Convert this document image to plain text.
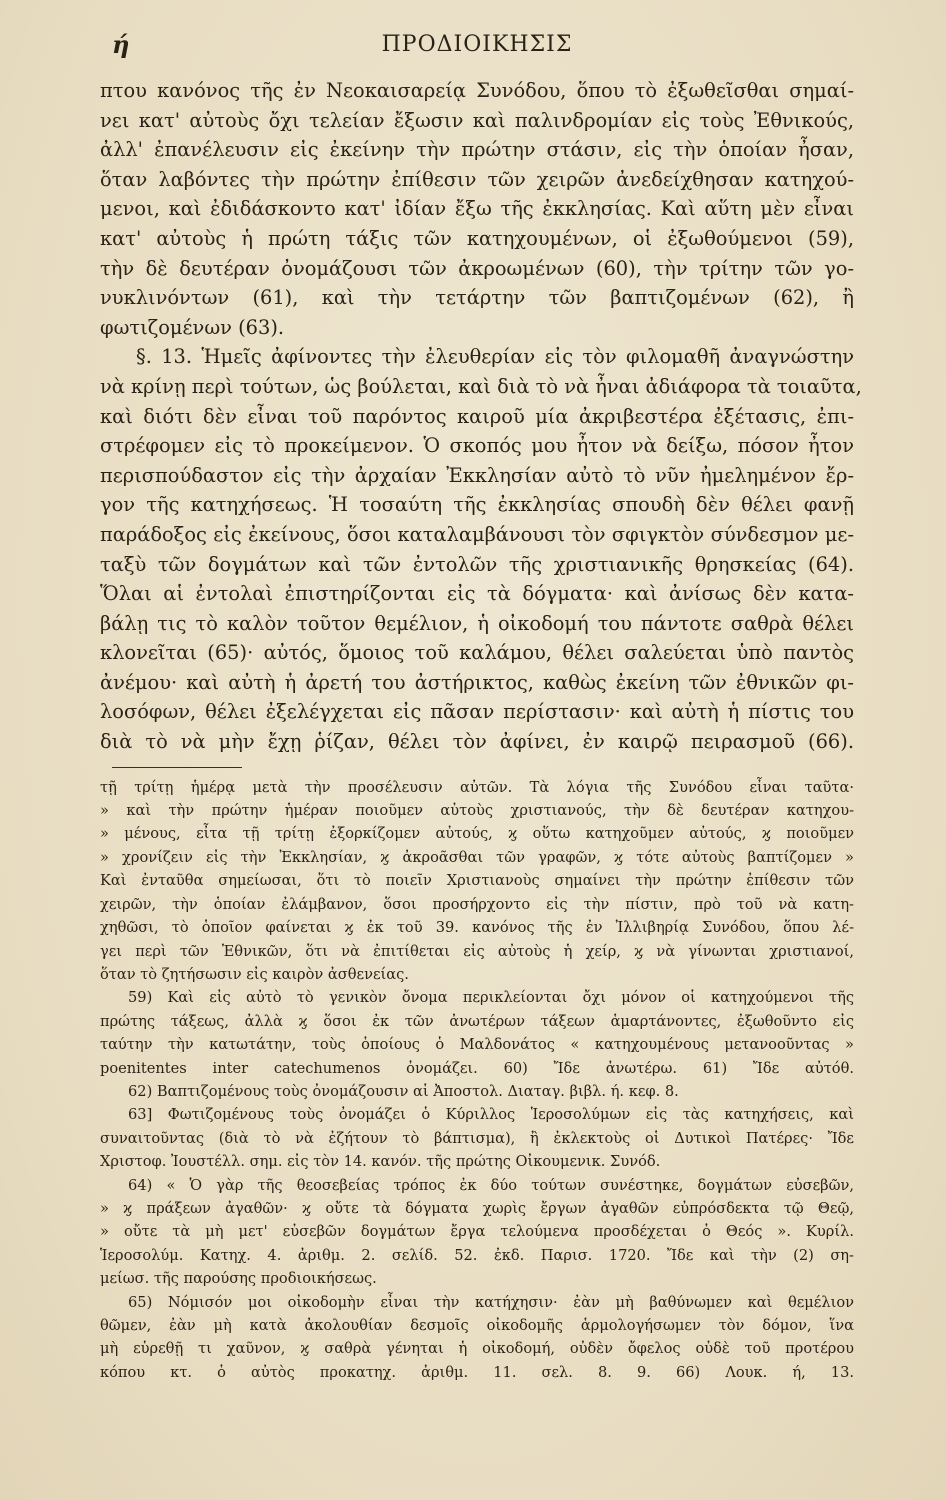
ή	ΠΡΟΔΙΟΙΚΗΣΙΣ
πτου κανόνος τῆς ἐν Νεοκαισαρείᾳ Συνόδου, ὅπου τὸ ἐξωθεῖσθαι σημαί-
νει κατ' αὐτοὺς ὄχι τελείαν ἔξωσιν καὶ παλινδρομίαν εἰς τοὺς Ἐθνικούς,
ἀλλ' ἐπανέλευσιν εἰς ἐκείνην τὴν πρώτην στάσιν, εἰς τὴν ὁποίαν ἦσαν,
ὅταν λαβόντες τὴν πρώτην ἐπίθεσιν τῶν χειρῶν ἀνεδείχθησαν κατηχού-
μενοι, καὶ ἐδιδάσκοντο κατ' ἰδίαν ἔξω τῆς ἐκκλησίας. Καὶ αὕτη μὲν εἶναι
κατ' αὐτοὺς ἡ πρώτη τάξις τῶν κατηχουμένων, οἱ ἐξωθούμενοι (59),
τὴν δὲ δευτέραν ὀνομάζουσι τῶν ἀκροωμένων (60), τὴν τρίτην τῶν γο-
νυκλινόντων (61), καὶ τὴν τετάρτην τῶν βαπτιζομένων (62), ἢ
φωτιζομένων (63).
§. 13. Ἡμεῖς ἀφίνοντες τὴν ἐλευθερίαν εἰς τὸν φιλομαθῆ ἀναγνώστην
νὰ κρίνῃ περὶ τούτων, ὡς βούλεται, καὶ διὰ τὸ νὰ ἦναι ἀδιάφορα τὰ τοιαῦτα,
καὶ διότι δὲν εἶναι τοῦ παρόντος καιροῦ μία ἀκριβεστέρα ἐξέτασις, ἐπι-
στρέφομεν εἰς τὸ προκείμενον. Ὁ σκοπός μου ἦτον νὰ δείξω, πόσον ἦτον
περισπούδαστον εἰς τὴν ἀρχαίαν Ἐκκλησίαν αὐτὸ τὸ νῦν ἠμελημένον ἔρ-
γον τῆς κατηχήσεως. Ἡ τοσαύτη τῆς ἐκκλησίας σπουδὴ δὲν θέλει φανῇ
παράδοξος εἰς ἐκείνους, ὅσοι καταλαμβάνουσι τὸν σφιγκτὸν σύνδεσμον με-
ταξὺ τῶν δογμάτων καὶ τῶν ἐντολῶν τῆς χριστιανικῆς θρησκείας (64).
Ὅλαι αἱ ἐντολαὶ ἐπιστηρίζονται εἰς τὰ δόγματα· καὶ ἀνίσως δὲν κατα-
βάλῃ τις τὸ καλὸν τοῦτον θεμέλιον, ἡ οἰκοδομή του πάντοτε σαθρὰ θέλει
κλονεῖται (65)· αὐτός, ὅμοιος τοῦ καλάμου, θέλει σαλεύεται ὑπὸ παντὸς
ἀνέμου· καὶ αὐτὴ ἡ ἀρετή του ἀστήρικτος, καθὼς ἐκείνη τῶν ἐθνικῶν φι-
λοσόφων, θέλει ἐξελέγχεται εἰς πᾶσαν περίστασιν· καὶ αὐτὴ ἡ πίστις του
διὰ τὸ νὰ μὴν ἔχῃ ῥίζαν, θέλει τὸν ἀφίνει, ἐν καιρῷ πειρασμοῦ (66).
τῇ τρίτῃ ἡμέρᾳ μετὰ τὴν προσέλευσιν αὐτῶν. Τὰ λόγια τῆς Συνόδου εἶναι ταῦτα·
» καὶ τὴν πρώτην ἡμέραν ποιοῦμεν αὐτοὺς χριστιανούς, τὴν δὲ δευτέραν κατηχου-
» μένους, εἶτα τῇ τρίτῃ ἐξορκίζομεν αὐτούς, ϗ οὕτω κατηχοῦμεν αὐτούς, ϗ ποιοῦμεν
» χρονίζειν εἰς τὴν Ἐκκλησίαν, ϗ ἀκροᾶσθαι τῶν γραφῶν, ϗ τότε αὐτοὺς βαπτίζομεν »
Καὶ ἐνταῦθα σημείωσαι, ὅτι τὸ ποιεῖν Χριστιανοὺς σημαίνει τὴν πρώτην ἐπίθεσιν τῶν
χειρῶν, τὴν ὁποίαν ἐλάμβανον, ὅσοι προσήρχοντο εἰς τὴν πίστιν, πρὸ τοῦ νὰ κατη-
χηθῶσι, τὸ ὁποῖον φαίνεται ϗ ἐκ τοῦ 39. κανόνος τῆς ἐν Ἰλλιβηρίᾳ Συνόδου, ὅπου λέ-
γει περὶ τῶν Ἐθνικῶν, ὅτι νὰ ἐπιτίθεται εἰς αὐτοὺς ἡ χείρ, ϗ νὰ γίνωνται χριστιανοί,
ὅταν τὸ ζητήσωσιν εἰς καιρὸν ἀσθενείας.
59) Καὶ εἰς αὐτὸ τὸ γενικὸν ὄνομα περικλείονται ὄχι μόνον οἱ κατηχούμενοι τῆς
πρώτης τάξεως, ἀλλὰ ϗ ὅσοι ἐκ τῶν ἀνωτέρων τάξεων ἁμαρτάνοντες, ἐξωθοῦντο εἰς
ταύτην τὴν κατωτάτην, τοὺς ὁποίους ὁ Μαλδονάτος « κατηχουμένους μετανοοῦντας »
poenitentes inter catechumenos ὀνομάζει. 60) Ἴδε ἀνωτέρω. 61) Ἴδε αὐτόθ.
62) Βαπτιζομένους τοὺς ὀνομάζουσιν αἱ Ἀποστολ. Διαταγ. βιβλ. ή. κεφ. 8.
63] Φωτιζομένους τοὺς ὀνομάζει ὁ Κύριλλος Ἱεροσολύμων εἰς τὰς κατηχήσεις, καὶ
συναιτοῦντας (διὰ τὸ νὰ ἐζήτουν τὸ βάπτισμα), ἢ ἐκλεκτοὺς οἱ Δυτικοὶ Πατέρες· Ἴδε
Χριστοφ. Ἰουστέλλ. σημ. εἰς τὸν 14. κανόν. τῆς πρώτης Οἰκουμενικ. Συνόδ.
64) « Ὁ γὰρ τῆς θεοσεβείας τρόπος ἐκ δύο τούτων συνέστηκε, δογμάτων εὐσεβῶν,
» ϗ πράξεων ἀγαθῶν· ϗ οὔτε τὰ δόγματα χωρὶς ἔργων ἀγαθῶν εὐπρόσδεκτα τῷ Θεῷ,
» οὔτε τὰ μὴ μετ' εὐσεβῶν δογμάτων ἔργα τελούμενα προσδέχεται ὁ Θεός ». Κυρίλ.
Ἱεροσολύμ. Κατηχ. 4. ἀριθμ. 2. σελίδ. 52. ἐκδ. Παρισ. 1720. Ἴδε καὶ τὴν (2) ση-
μείωσ. τῆς παρούσης προδιοικήσεως.
65) Νόμισόν μοι οἰκοδομὴν εἶναι τὴν κατήχησιν· ἐὰν μὴ βαθύνωμεν καὶ θεμέλιον
θῶμεν, ἐὰν μὴ κατὰ ἀκολουθίαν δεσμοῖς οἰκοδομῆς ἁρμολογήσωμεν τὸν δόμον, ἵνα
μὴ εὑρεθῇ τι χαῦνον, ϗ σαθρὰ γένηται ἡ οἰκοδομή, οὐδὲν ὄφελος οὐδὲ τοῦ προτέρου
κόπου κτ. ὁ αὐτὸς προκατηχ. ἀριθμ. 11. σελ. 8. 9. 66) Λουκ. ή, 13.
